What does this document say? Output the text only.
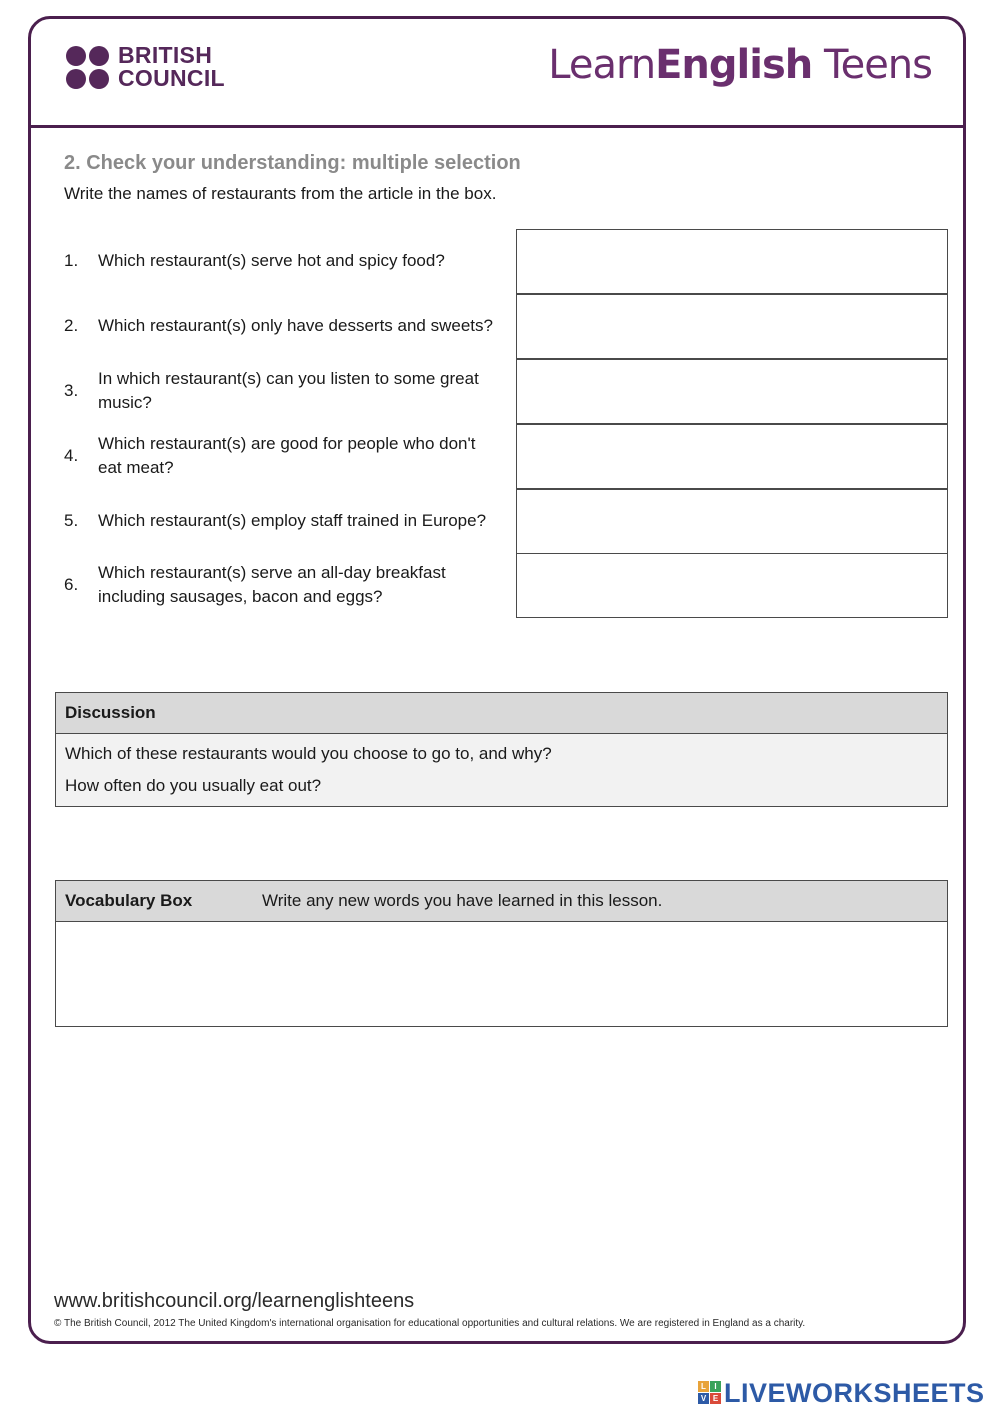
BRITISH
COUNCIL	LearnEnglish Teens
2. Check your understanding: multiple selection
Write the names of restaurants from the article in the box.
1.	Which restaurant(s) serve hot and spicy food?
2.	Which restaurant(s) only have desserts and sweets?
3.
In which restaurant(s) can you listen to some great music?
4.
Which restaurant(s) are good for people who don't eat meat?
5.	Which restaurant(s) employ staff trained in Europe?
6.
Which restaurant(s) serve an all-day breakfast including sausages, bacon and eggs?
Discussion
Which of these restaurants would you choose to go to, and why?
How often do you usually eat out?
Vocabulary Box	Write any new words you have learned in this lesson.
www.britishcouncil.org/learnenglishteens
© The British Council, 2012 The United Kingdom's international organisation for educational opportunities and cultural relations. We are registered in England as a charity.
L	I
V E LIVEWORKSHEETS
